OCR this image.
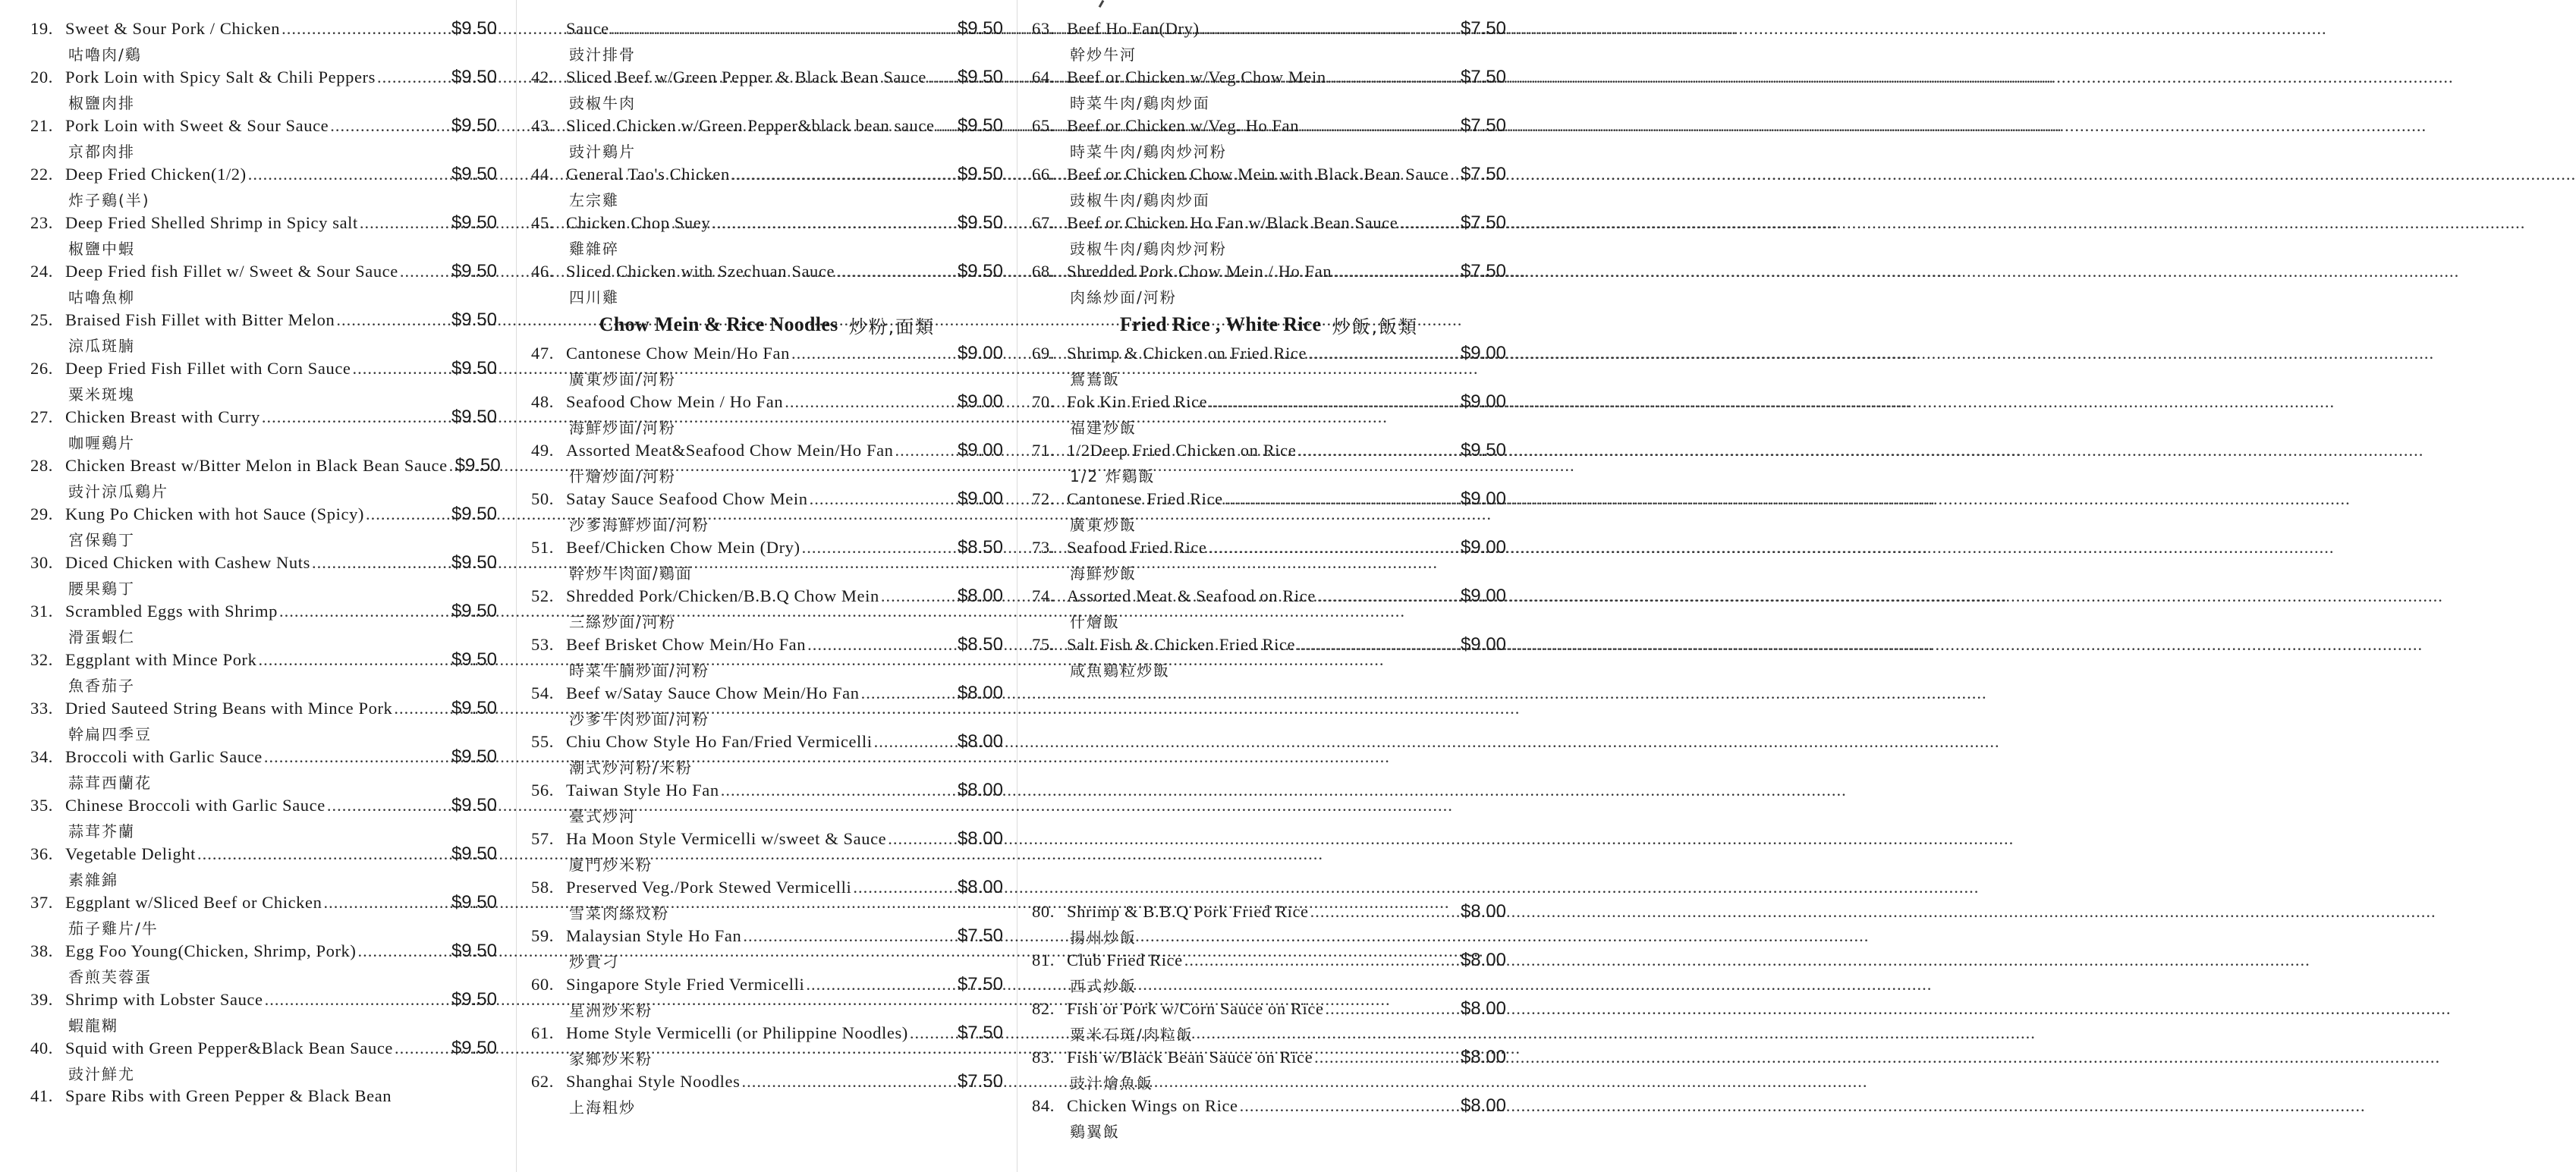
19. Sweet & Sour Pork / Chicken .....	$9.50
咕嚕肉/鷄
20. Pork Loin with Spicy Salt & Chili Peppers .....	$9.50
椒鹽肉排
21. Pork Loin with Sweet & Sour Sauce .....	$9.50
京都肉排
22. Deep Fried Chicken(1/2) .....	$9.50
炸子鷄(半)
23. Deep Fried Shelled Shrimp in Spicy salt .....	$9.50
椒鹽中蝦
24. Deep Fried fish Fillet w/ Sweet & Sour Sauce .....	$9.50
咕嚕魚柳
25. Braised Fish Fillet with Bitter Melon .....	$9.50
涼瓜斑腩
26. Deep Fried Fish Fillet with Corn Sauce .....	$9.50
粟米斑塊
27. Chicken Breast with Curry .....	$9.50
咖喱鷄片
28. Chicken Breast w/Bitter Melon in Black Bean Sauce ..... $9.50
豉汁涼瓜鷄片
29. Kung Po Chicken with hot Sauce (Spicy) .....	$9.50
宮保鷄丁
30. Diced Chicken with Cashew Nuts .....	$9.50
腰果鷄丁
31. Scrambled Eggs with Shrimp .....	$9.50
滑蛋蝦仁
32. Eggplant with Mince Pork .....	$9.50
魚香茄子
33. Dried Sauteed String Beans with Mince Pork .....	$9.50
幹扁四季豆
34. Broccoli with Garlic Sauce .....	$9.50
蒜茸西蘭花
35. Chinese Broccoli with Garlic Sauce .....	$9.50
蒜茸芥蘭
36. Vegetable Delight .....	$9.50
素雜錦
37. Eggplant w/Sliced Beef or Chicken .....	$9.50
茄子雞片/牛
38. Egg Foo Young(Chicken, Shrimp, Pork) .....	$9.50
香煎芙蓉蛋
39. Shrimp with Lobster Sauce .....	$9.50
蝦龍糊
40. Squid with Green Pepper&Black Bean Sauce .....	$9.50
豉汁鮮尤
41. Spare Ribs with Green Pepper & Black Bean
Sauce .....	$9.50
豉汁排骨
42. Sliced Beef w/Green Pepper & Black Bean Sauce ..... $9.50
豉椒牛肉
43. Sliced Chicken w/Green Pepper&black bean sauce ..... $9.50
豉汁鷄片
44. General Tao's Chicken .....	$9.50
左宗雞
45. Chicken Chop Suey .....	$9.50
雞雜碎
46. Sliced Chicken with Szechuan Sauce .....	$9.50
四川雞
Chow Mein & Rice Noodles 炒粉,面類
47. Cantonese Chow Mein/Ho Fan .....	$9.00
廣東炒面/河粉
48. Seafood Chow Mein / Ho Fan .....	$9.00
海鮮炒面/河粉
49. Assorted Meat&Seafood Chow Mein/Ho Fan .....	$9.00
什燴炒面/河粉
50. Satay Sauce Seafood Chow Mein .....	$9.00
沙爹海鮮炒面/河粉
51. Beef/Chicken Chow Mein (Dry) .....	$8.50
幹炒牛肉面/鷄面
52. Shredded Pork/Chicken/B.B.Q Chow Mein .....	$8.00
三絲炒面/河粉
53. Beef Brisket Chow Mein/Ho Fan .....	$8.50
時菜牛腩炒面/河粉
54. Beef w/Satay Sauce Chow Mein/Ho Fan .....	$8.00
沙爹牛肉炒面/河粉
55. Chiu Chow Style Ho Fan/Fried Vermicelli .....	$8.00
潮式炒河粉/米粉
56. Taiwan Style Ho Fan .....	$8.00
臺式炒河
57. Ha Moon Style Vermicelli w/sweet & Sauce .....	$8.00
廈門炒米粉
58. Preserved Veg./Pork Stewed Vermicelli .....	$8.00
雪菜肉絲炆粉
59. Malaysian Style Ho Fan .....	$7.50
炒貴刁
60. Singapore Style Fried Vermicelli .....	$7.50
星洲炒米粉
61. Home Style Vermicelli (or Philippine Noodles) .....	$7.50
家鄉炒米粉
62. Shanghai Style Noodles .....	$7.50
上海粗炒
63. Beef Ho Fan(Dry) .....	$7.50
幹炒牛河
64. Beef or Chicken w/Veg.Chow Mein .....	$7.50
時菜牛肉/鷄肉炒面
65. Beef or Chicken w/Veg. Ho Fan .....	$7.50
時菜牛肉/鷄肉炒河粉
66. Beef or Chicken Chow Mein with Black Bean Sauce ..... $7.50
豉椒牛肉/鷄肉炒面
67. Beef or Chicken Ho Fan w/Black Bean Sauce .....	$7.50
豉椒牛肉/鷄肉炒河粉
68. Shredded Pork Chow Mein / Ho Fan .....	$7.50
肉絲炒面/河粉
Fried Rice , White Rice 炒飯,飯類
69. Shrimp & Chicken on Fried Rice .....	$9.00
鴛鴦飯
70. Fok Kin Fried Rice .....	$9.00
福建炒飯
71. 1/2Deep Fried Chicken on Rice .....	$9.50
1/2 炸鷄飯
72. Cantonese Fried Rice .....	$9.00
廣東炒飯
73. Seafood Fried Rice .....	$9.00
海鮮炒飯
74. Assorted Meat & Seafood on Rice .....	$9.00
什燴飯
75. Salt Fish & Chicken Fried Rice .....	$9.00
咸魚鷄粒炒飯
80. Shrimp & B.B.Q Pork Fried Rice .....	$8.00
揚州炒飯
81. Club Fried Rice .....	$8.00
西式炒飯
82. Fish or Pork w/Corn Sauce on Rice .....	$8.00
粟米石斑/肉粒飯
83. Fish w/Black Bean Sauce on Rice .....	$8.00
豉汁燴魚飯
84. Chicken Wings on Rice .....	$8.00
鷄翼飯
